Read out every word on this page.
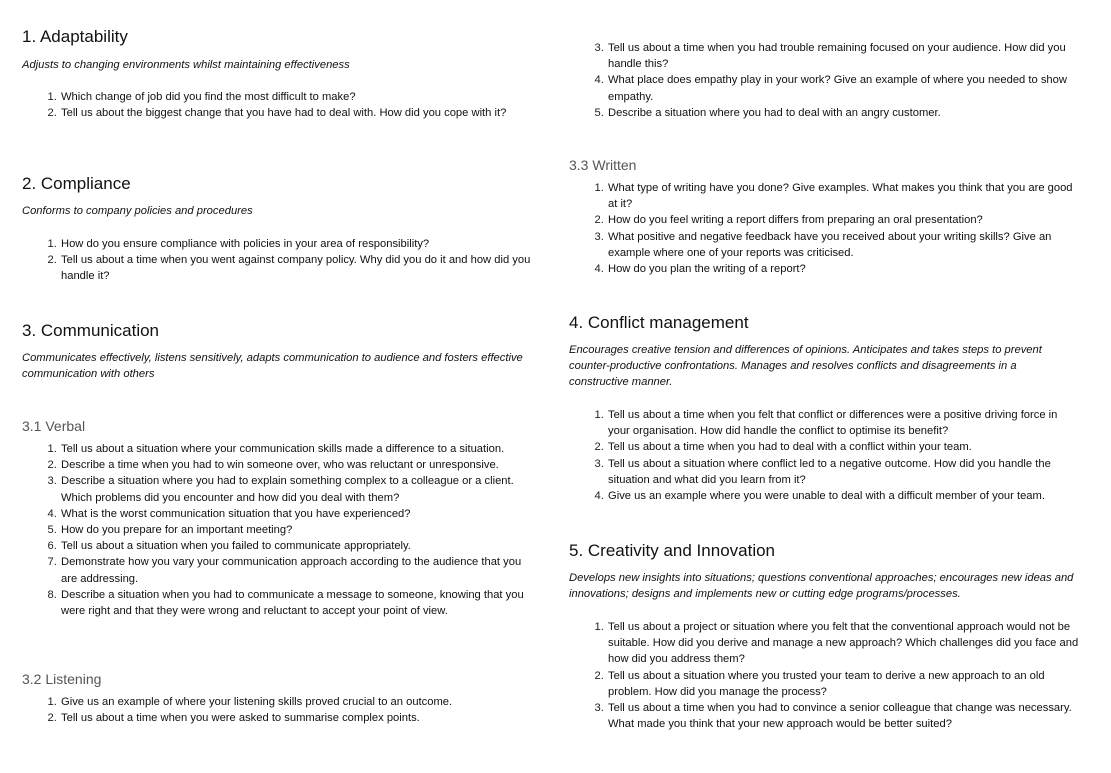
1. Adaptability

Adjusts to changing environments whilst maintaining effectiveness

1. Which change of job did you find the most difficult to make?
2. Tell us about the biggest change that you have had to deal with. How did you cope with it?
2. Compliance

Conforms to company policies and procedures

1. How do you ensure compliance with policies in your area of responsibility?
2. Tell us about a time when you went against company policy. Why did you do it and how did you handle it?
3. Communication

Communicates effectively, listens sensitively, adapts communication to audience and fosters effective communication with others

3.1 Verbal
1. Tell us about a situation where your communication skills made a difference to a situation.
2. Describe a time when you had to win someone over, who was reluctant or unresponsive.
3. Describe a situation where you had to explain something complex to a colleague or a client. Which problems did you encounter and how did you deal with them?
4. What is the worst communication situation that you have experienced?
5. How do you prepare for an important meeting?
6. Tell us about a situation when you failed to communicate appropriately.
7. Demonstrate how you vary your communication approach according to the audience that you are addressing.
8. Describe a situation when you had to communicate a message to someone, knowing that you were right and that they were wrong and reluctant to accept your point of view.
3.2 Listening
1. Give us an example of where your listening skills proved crucial to an outcome.
2. Tell us about a time when you were asked to summarise complex points.
3. Tell us about a time when you had trouble remaining focused on your audience. How did you handle this?
4. What place does empathy play in your work? Give an example of where you needed to show empathy.
5. Describe a situation where you had to deal with an angry customer.
3.3 Written
1. What type of writing have you done? Give examples. What makes you think that you are good at it?
2. How do you feel writing a report differs from preparing an oral presentation?
3. What positive and negative feedback have you received about your writing skills? Give an example where one of your reports was criticised.
4. How do you plan the writing of a report?
4. Conflict management

Encourages creative tension and differences of opinions. Anticipates and takes steps to prevent counter-productive confrontations. Manages and resolves conflicts and disagreements in a constructive manner.

1. Tell us about a time when you felt that conflict or differences were a positive driving force in your organisation. How did handle the conflict to optimise its benefit?
2. Tell us about a time when you had to deal with a conflict within your team.
3. Tell us about a situation where conflict led to a negative outcome. How did you handle the situation and what did you learn from it?
4. Give us an example where you were unable to deal with a difficult member of your team.
5. Creativity and Innovation

Develops new insights into situations; questions conventional approaches; encourages new ideas and innovations; designs and implements new or cutting edge programs/processes.

1. Tell us about a project or situation where you felt that the conventional approach would not be suitable. How did you derive and manage a new approach? Which challenges did you face and how did you address them?
2. Tell us about a situation where you trusted your team to derive a new approach to an old problem. How did you manage the process?
3. Tell us about a time when you had to convince a senior colleague that change was necessary. What made you think that your new approach would be better suited?
